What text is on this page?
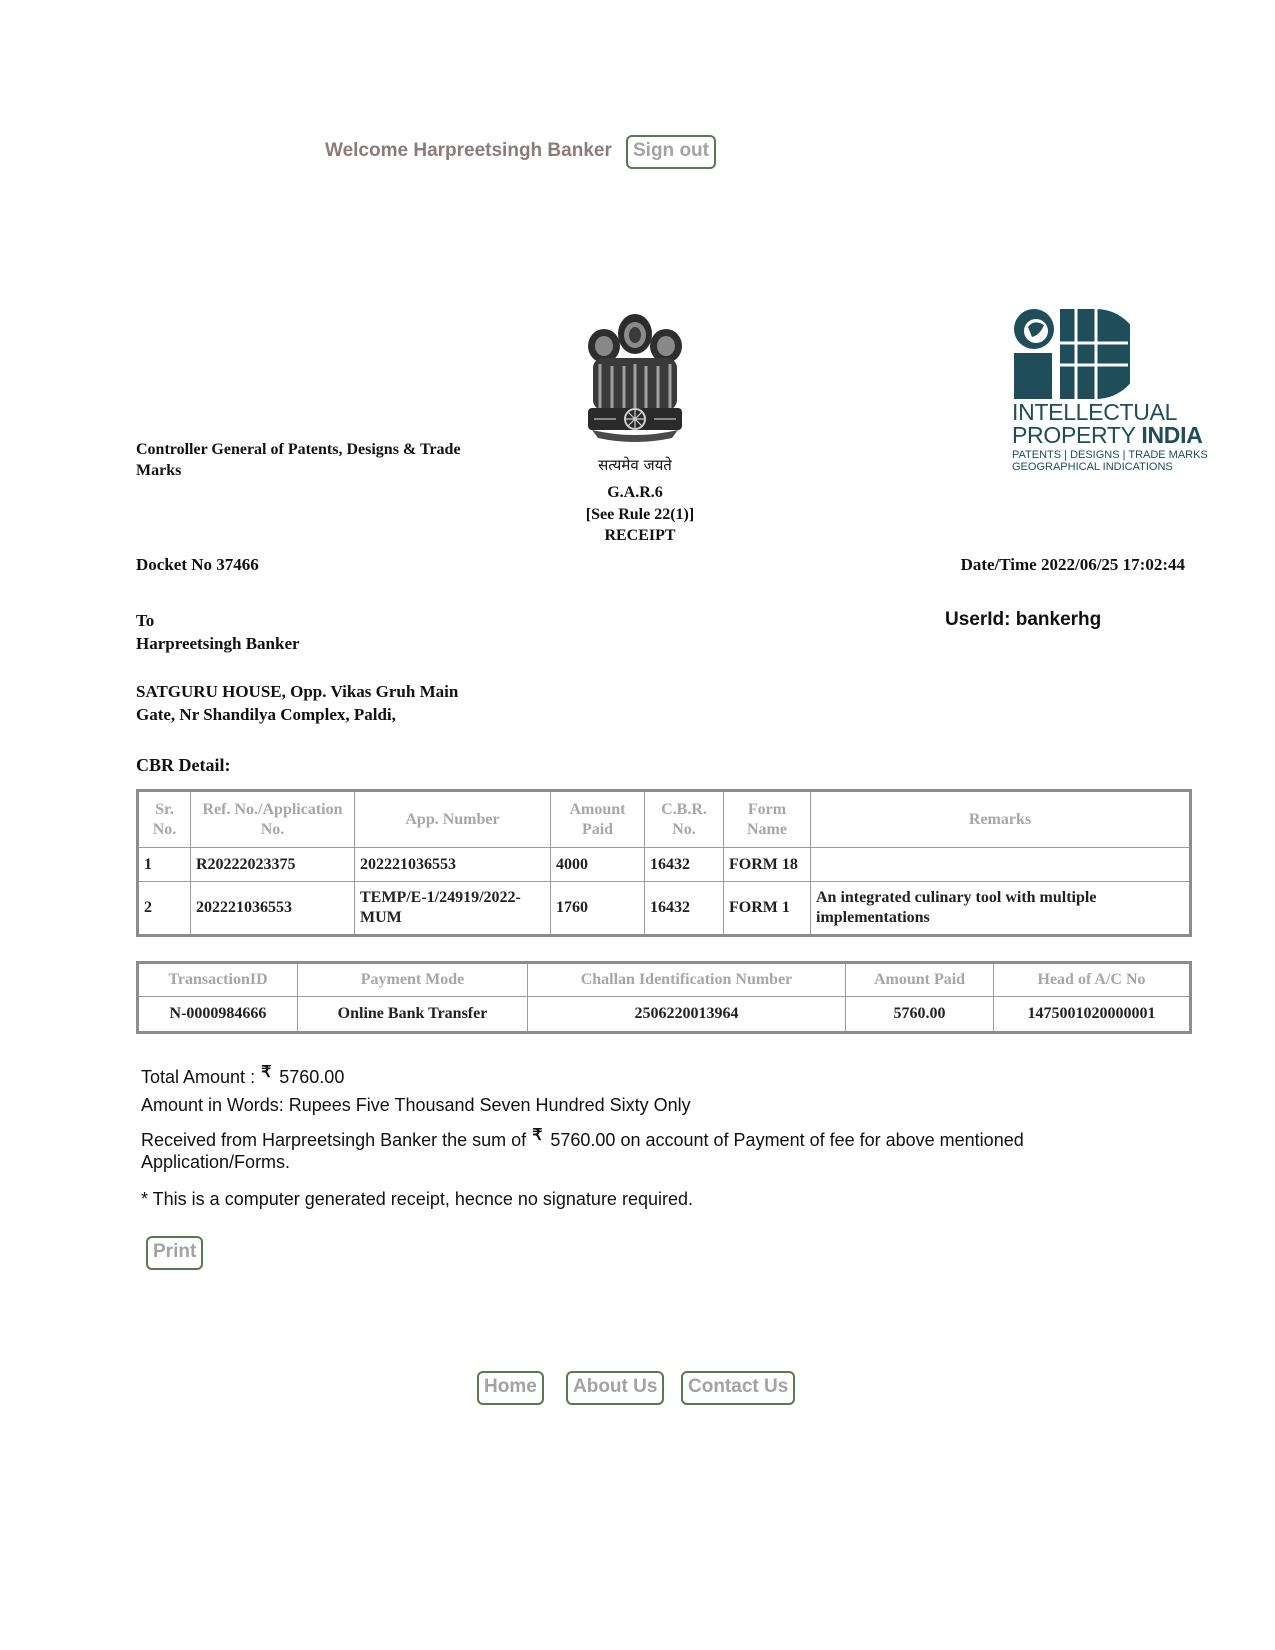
Welcome Harpreetsingh Banker	Sign out
Controller General of Patents, Designs & Trade
Marks	सत्यमेव जयते
INTELLECTUAL
PROPERTY INDIA
PATENTS | DESIGNS | TRADE MARKS
GEOGRAPHICAL INDICATIONS
G.A.R.6
[See Rule 22(1)]
RECEIPT
Docket No 37466	Date/Time 2022/06/25 17:02:44
To
Harpreetsingh Banker
UserId: bankerhg
SATGURU HOUSE, Opp. Vikas Gruh Main
Gate, Nr Shandilya Complex, Paldi,
CBR Detail:
Sr. No.	Ref. No./Application No.	App. Number	Amount Paid	C.B.R. No.	Form Name	Remarks
1	R20222023375	202221036553	4000	16432	FORM 18	
2	202221036553	TEMP/E-1/24919/2022-MUM	1760	16432	FORM 1	An integrated culinary tool with multiple implementations
TransactionID	Payment Mode	Challan Identification Number	Amount Paid	Head of A/C No
N-0000984666	Online Bank Transfer	2506220013964	5760.00	1475001020000001
Total Amount : ₹ 5760.00
Amount in Words: Rupees Five Thousand Seven Hundred Sixty Only
Received from Harpreetsingh Banker the sum of ₹ 5760.00 on account of Payment of fee for above mentioned
Application/Forms.
* This is a computer generated receipt, hecnce no signature required.
Print
Home	About Us	Contact Us
